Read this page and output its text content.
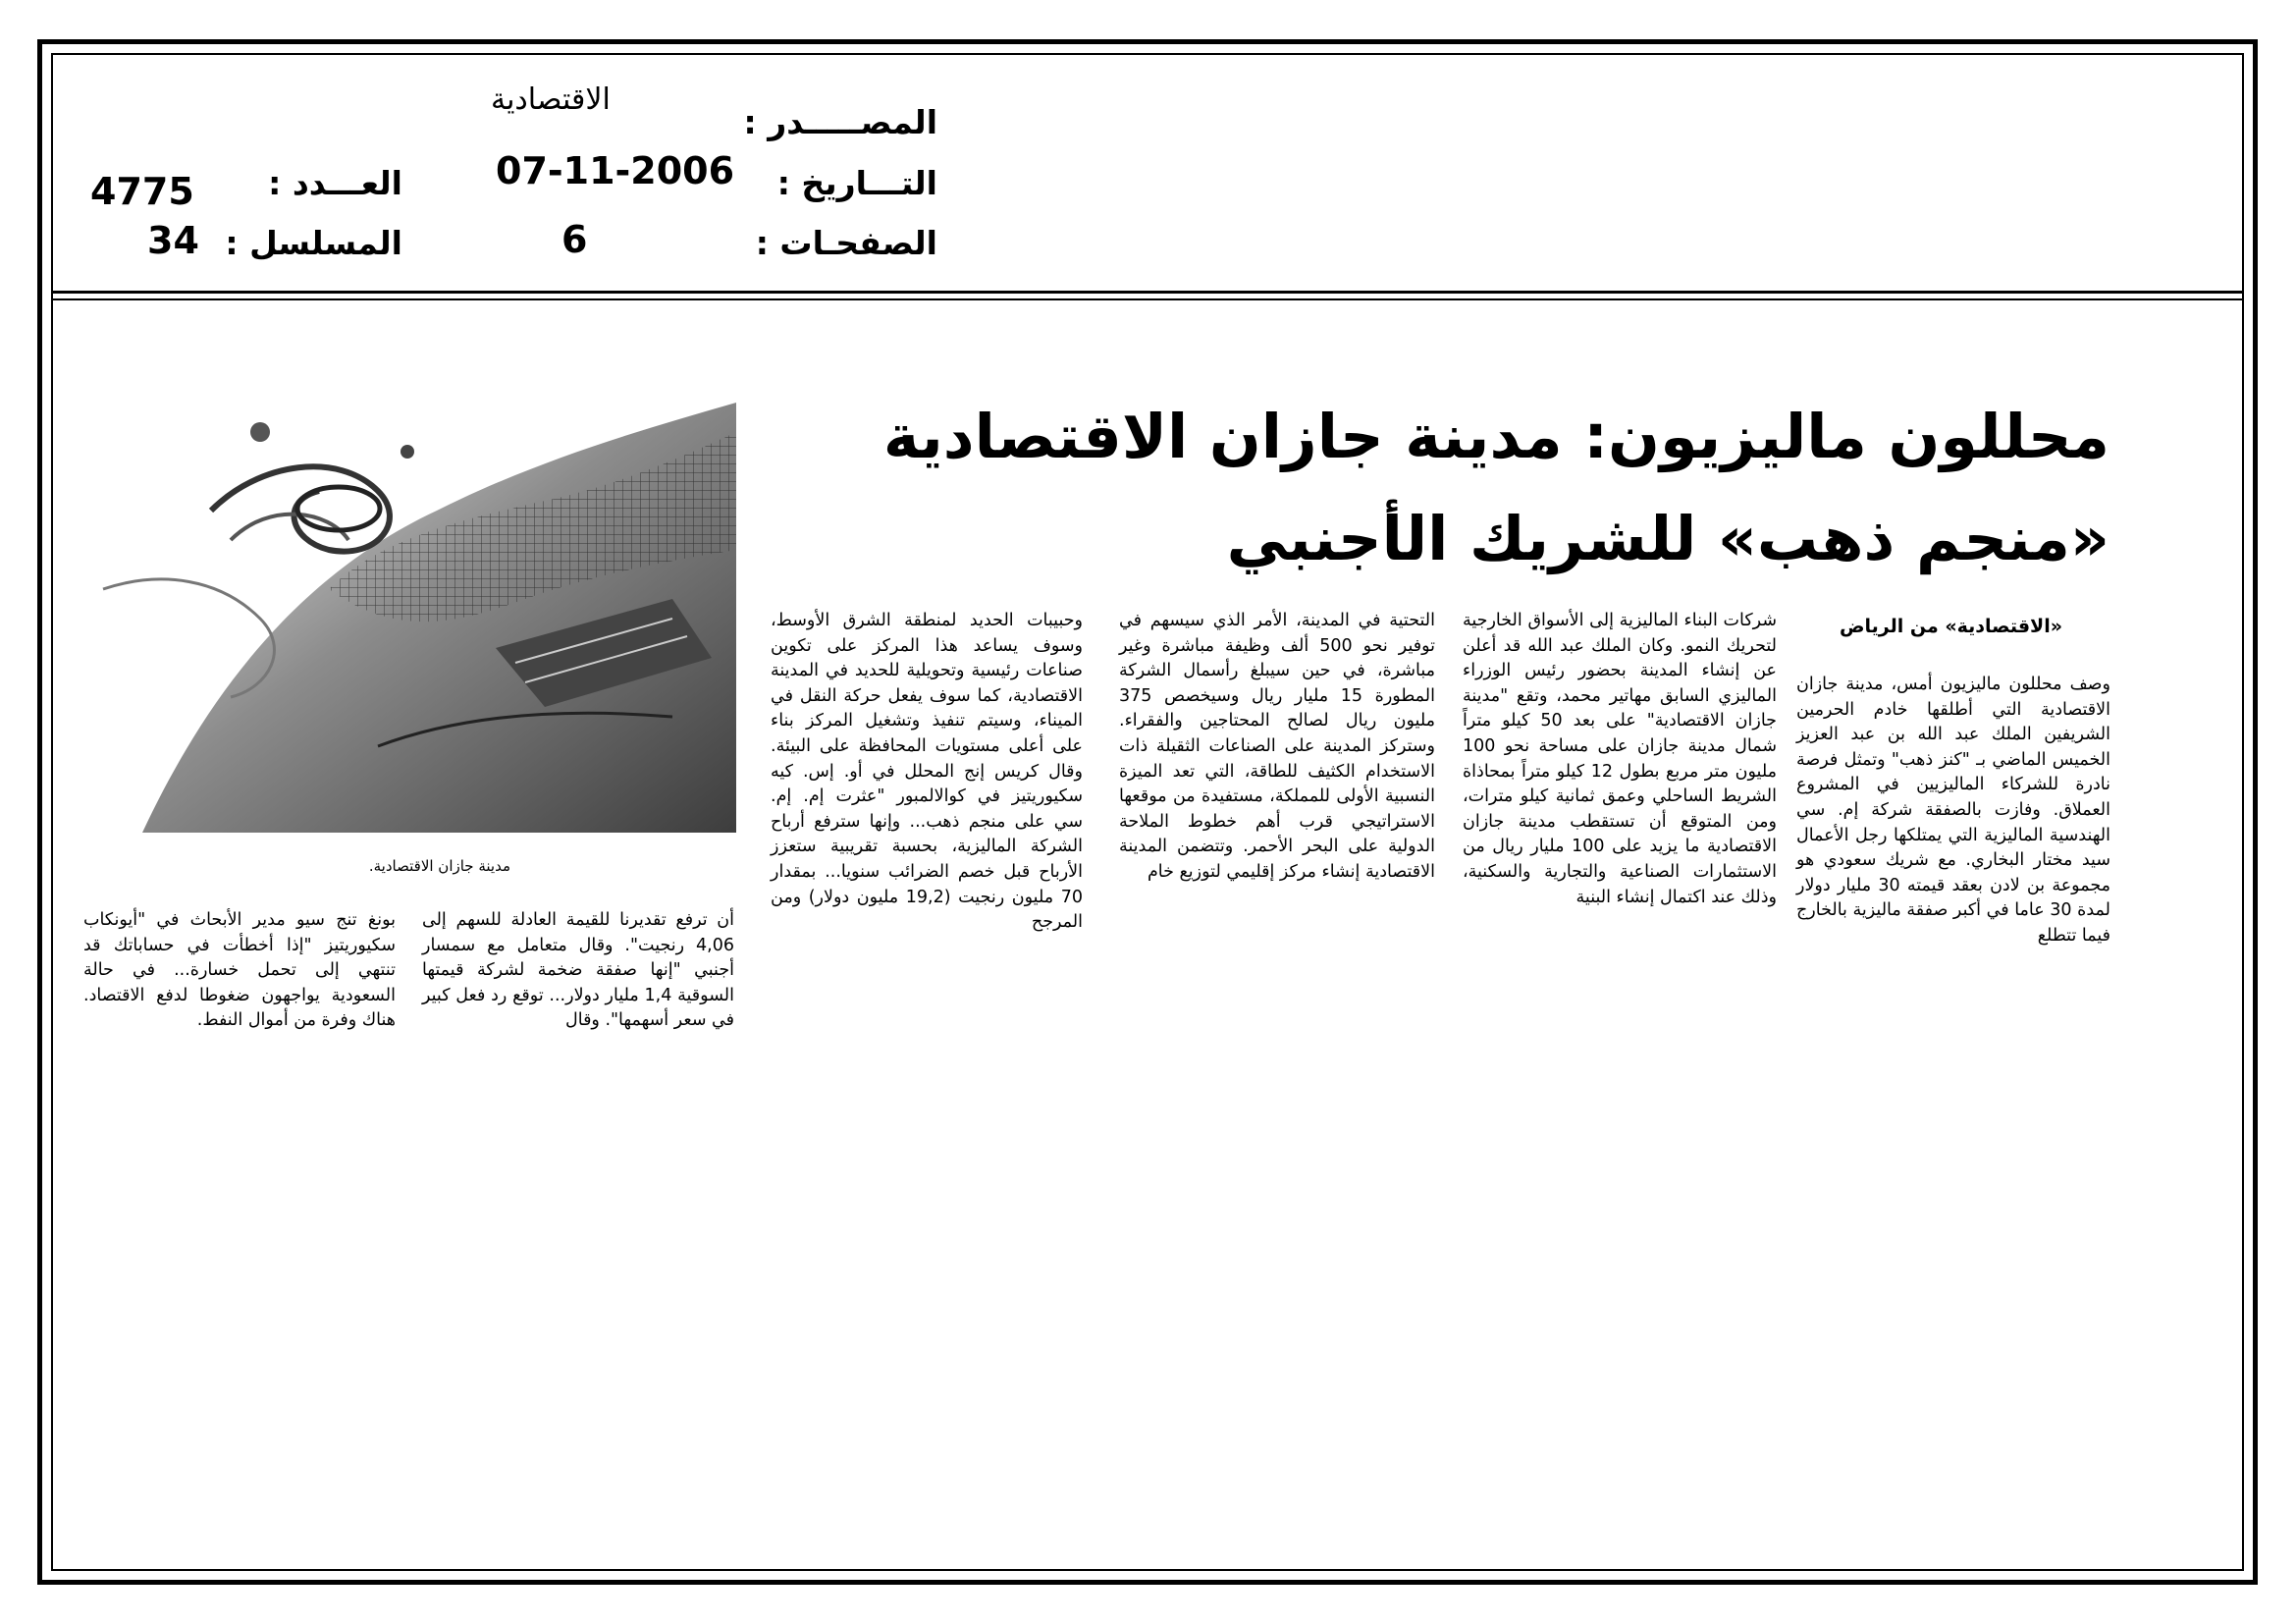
المصـــــدر :
الاقتصادية
التـــاريخ :
07-11-2006
الصفحـات :
6
العـــدد :
4775
المسلسل :
34
محللون ماليزيون: مدينة جازان الاقتصادية
«منجم ذهب» للشريك الأجنبي
مدينة جازان الاقتصادية.
«الاقتصادية» من الرياض
وصف محللون ماليزيون أمس، مدينة جازان الاقتصادية التي أطلقها خادم الحرمين الشريفين الملك عبد الله بن عبد العزيز الخميس الماضي بـ "كنز ذهب" وتمثل فرصة نادرة للشركاء الماليزيين في المشروع العملاق. وفازت بالصفقة شركة إم. سي الهندسية الماليزية التي يمتلكها رجل الأعمال سيد مختار البخاري. مع شريك سعودي هو مجموعة بن لادن بعقد قيمته 30 مليار دولار لمدة 30 عاما في أكبر صفقة ماليزية بالخارج فيما تتطلع
شركات البناء الماليزية إلى الأسواق الخارجية لتحريك النمو. وكان الملك عبد الله قد أعلن عن إنشاء المدينة بحضور رئيس الوزراء الماليزي السابق مهاتير محمد، وتقع "مدينة جازان الاقتصادية" على بعد 50 كيلو متراً شمال مدينة جازان على مساحة نحو 100 مليون متر مربع بطول 12 كيلو متراً بمحاذاة الشريط الساحلي وعمق ثمانية كيلو مترات، ومن المتوقع أن تستقطب مدينة جازان الاقتصادية ما يزيد على 100 مليار ريال من الاستثمارات الصناعية والتجارية والسكنية، وذلك عند اكتمال إنشاء البنية
التحتية في المدينة، الأمر الذي سيسهم في توفير نحو 500 ألف وظيفة مباشرة وغير مباشرة، في حين سيبلغ رأسمال الشركة المطورة 15 مليار ريال وسيخصص 375 مليون ريال لصالح المحتاجين والفقراء. وستركز المدينة على الصناعات الثقيلة ذات الاستخدام الكثيف للطاقة، التي تعد الميزة النسبية الأولى للمملكة، مستفيدة من موقعها الاستراتيجي قرب أهم خطوط الملاحة الدولية على البحر الأحمر. وتتضمن المدينة الاقتصادية إنشاء مركز إقليمي لتوزيع خام
وحبيبات الحديد لمنطقة الشرق الأوسط، وسوف يساعد هذا المركز على تكوين صناعات رئيسية وتحويلية للحديد في المدينة الاقتصادية، كما سوف يفعل حركة النقل في الميناء، وسيتم تنفيذ وتشغيل المركز بناء على أعلى مستويات المحافظة على البيئة. وقال كريس إنج المحلل في أو. إس. كيه سكيوريتيز في كوالالمبور "عثرت إم. إم. سي على منجم ذهب... وإنها سترفع أرباح الشركة الماليزية، بحسبة تقريبية ستعزز الأرباح قبل خصم الضرائب سنويا... بمقدار 70 مليون رنجيت (19,2 مليون دولار) ومن المرجح
أن ترفع تقديرنا للقيمة العادلة للسهم إلى 4,06 رنجيت". وقال متعامل مع سمسار أجنبي "إنها صفقة ضخمة لشركة قيمتها السوقية 1,4 مليار دولار... توقع رد فعل كبير في سعر أسهمها". وقال
بونغ تنج سيو مدير الأبحاث في "أيونكاب سكيوريتيز "إذا أخطأت في حساباتك قد تنتهي إلى تحمل خسارة... في حالة السعودية يواجهون ضغوطا لدفع الاقتصاد. هناك وفرة من أموال النفط.
